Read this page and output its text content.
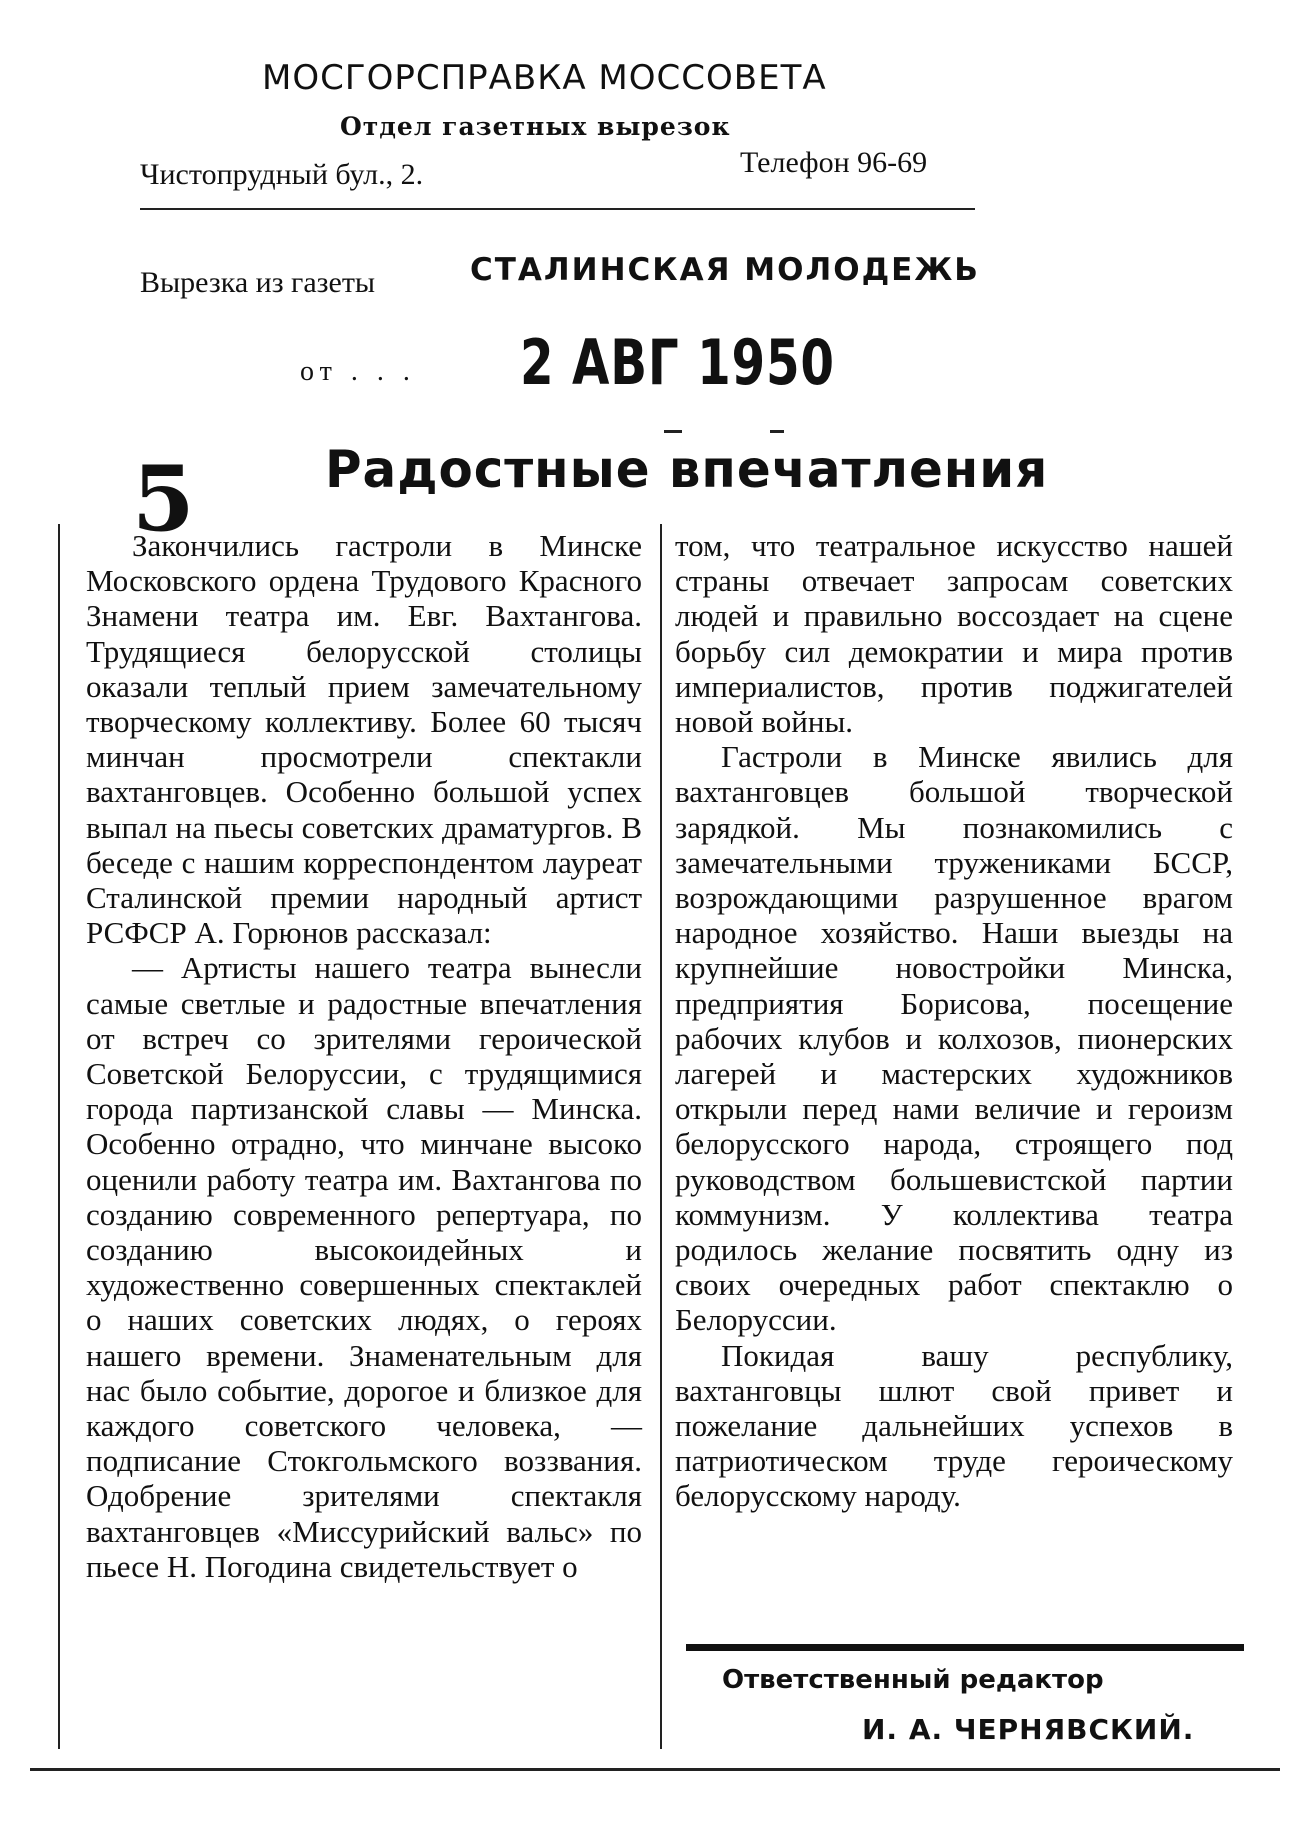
МОСГОРСПРАВКА МОССОВЕТА
Отдел газетных вырезок
Чистопрудный бул., 2.	Телефон 96-69
Вырезка из газеты	СТАЛИНСКАЯ МОЛОДЕЖЬ
от . . . 2 АВГ 1950
5	Радостные впечатления

Закончились гастроли в Минске Московского ордена Трудового Красного Знамени театра им. Евг. Вахтангова. Трудящиеся белорусской столицы оказали теплый прием замечательному творческому коллективу. Более 60 тысяч минчан просмотрели спектакли вахтанговцев. Особенно большой успех выпал на пьесы советских драматургов. В беседе с нашим корреспондентом лауреат Сталинской премии народный артист РСФСР А. Горюнов рассказал:

— Артисты нашего театра вынесли самые светлые и радостные впечатления от встреч со зрителями героической Советской Белоруссии, с трудящимися города партизанской славы — Минска. Особенно отрадно, что минчане высоко оценили работу театра им. Вахтангова по созданию современного репертуара, по созданию высокоидейных и художественно совершенных спектаклей о наших советских людях, о героях нашего времени. Знаменательным для нас было событие, дорогое и близкое для каждого советского человека, — подписание Стокгольмского воззвания. Одобрение зрителями спектакля вахтанговцев «Миссурийский вальс» по пьесе Н. Погодина свидетельствует о

том, что театральное искусство нашей страны отвечает запросам советских людей и правильно воссоздает на сцене борьбу сил демократии и мира против империалистов, против поджигателей новой войны.

Гастроли в Минске явились для вахтанговцев большой творческой зарядкой. Мы познакомились с замечательными тружениками БССР, возрождающими разрушенное врагом народное хозяйство. Наши выезды на крупнейшие новостройки Минска, предприятия Борисова, посещение рабочих клубов и колхозов, пионерских лагерей и мастерских художников открыли перед нами величие и героизм белорусского народа, строящего под руководством большевистской партии коммунизм. У коллектива театра родилось желание посвятить одну из своих очередных работ спектаклю о Белоруссии.

Покидая вашу республику, вахтанговцы шлют свой привет и пожелание дальнейших успехов в патриотическом труде героическому белорусскому народу.

Ответственный редактор
И. А. ЧЕРНЯВСКИЙ.
